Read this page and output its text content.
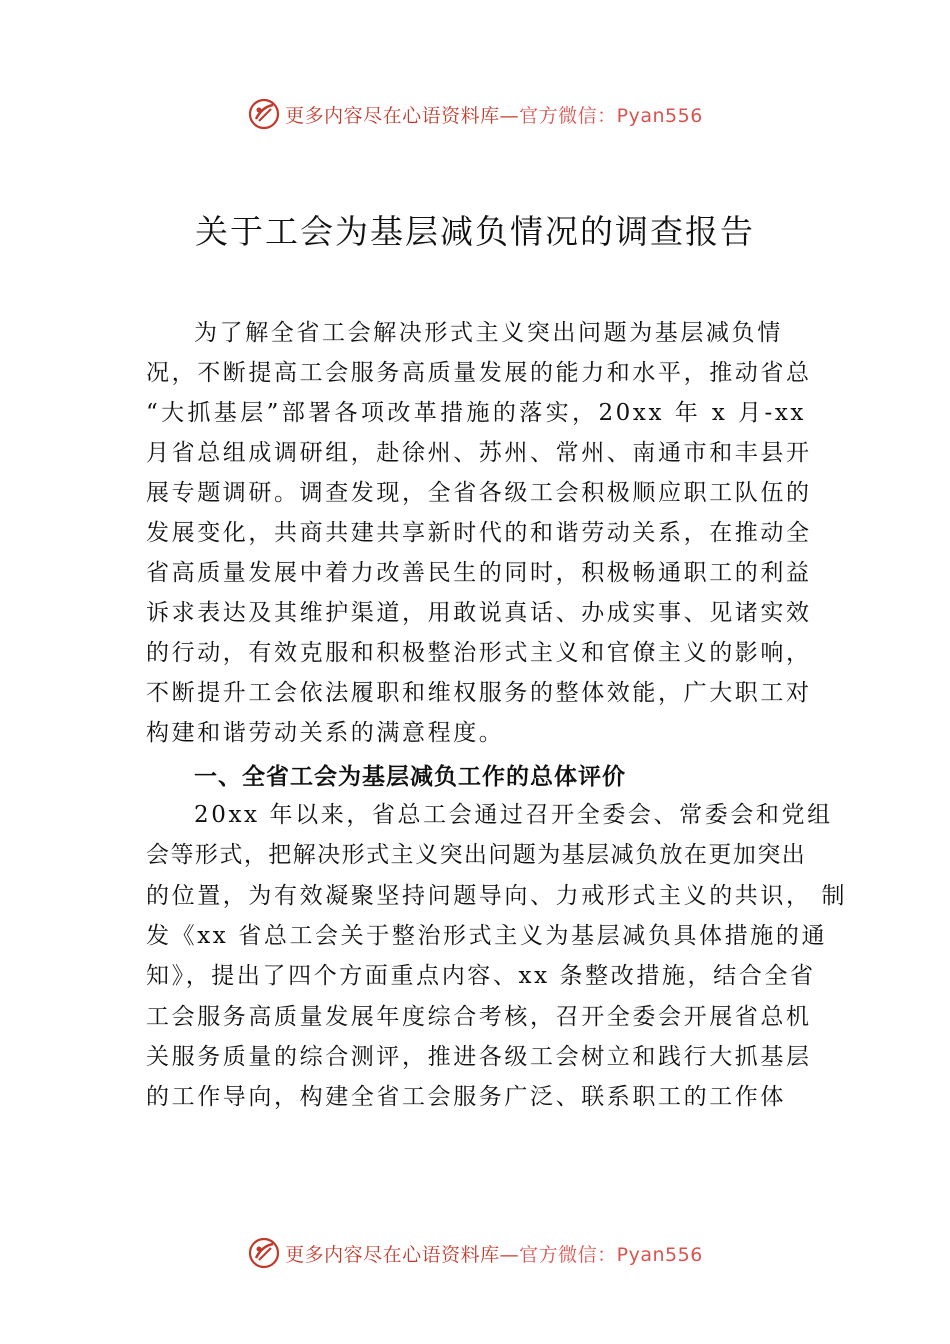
更多内容尽在心语资料库—官方微信：Pyan556
关于工会为基层减负情况的调查报告
为了解全省工会解决形式主义突出问题为基层减负情
况，不断提高工会服务高质量发展的能力和水平，推动省总
“大抓基层”部署各项改革措施的落实，20xx 年 x 月-xx
月省总组成调研组，赴徐州、苏州、常州、南通市和丰县开
展专题调研。调查发现，全省各级工会积极顺应职工队伍的
发展变化，共商共建共享新时代的和谐劳动关系，在推动全
省高质量发展中着力改善民生的同时，积极畅通职工的利益
诉求表达及其维护渠道，用敢说真话、办成实事、见诸实效
的行动，有效克服和积极整治形式主义和官僚主义的影响，
不断提升工会依法履职和维权服务的整体效能，广大职工对
构建和谐劳动关系的满意程度。
一、全省工会为基层减负工作的总体评价
20xx 年以来，省总工会通过召开全委会、常委会和党组
会等形式，把解决形式主义突出问题为基层减负放在更加突出
的位置，为有效凝聚坚持问题导向、力戒形式主义的共识， 制
发《xx 省总工会关于整治形式主义为基层减负具体措施的通
知》，提出了四个方面重点内容、xx 条整改措施，结合全省
工会服务高质量发展年度综合考核，召开全委会开展省总机
关服务质量的综合测评，推进各级工会树立和践行大抓基层
的工作导向，构建全省工会服务广泛、联系职工的工作体
更多内容尽在心语资料库—官方微信：Pyan556
